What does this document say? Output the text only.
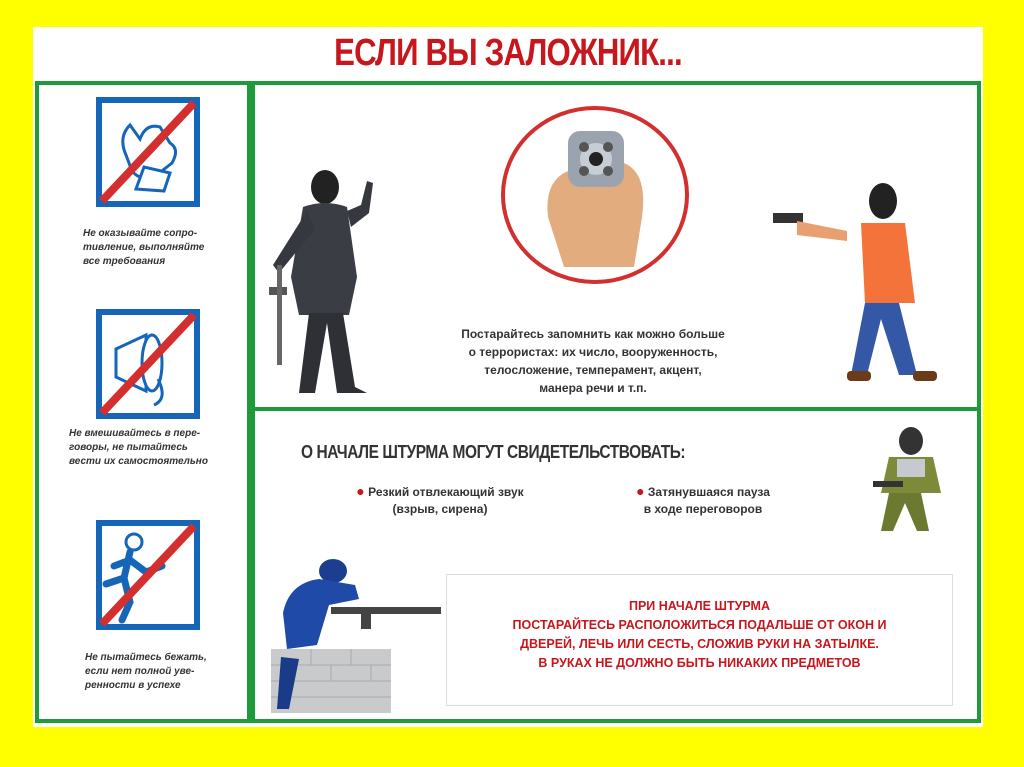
ЕСЛИ ВЫ ЗАЛОЖНИК...
Не оказывайте сопро-
тивление, выполняйте
все требования
Не вмешивайтесь в пере-
говоры, не пытайтесь
вести их самостоятельно
Не пытайтесь бежать,
если нет полной уве-
ренности в успехе
Постарайтесь запомнить как можно больше
о террористах: их число, вооруженность,
телосложение, темперамент, акцент,
манера речи и т.п.
О НАЧАЛЕ ШТУРМА МОГУТ СВИДЕТЕЛЬСТВОВАТЬ:
● Резкий отвлекающий звук
(взрыв, сирена)
● Затянувшаяся пауза
в ходе переговоров
ПРИ НАЧАЛЕ ШТУРМА
ПОСТАРАЙТЕСЬ РАСПОЛОЖИТЬСЯ ПОДАЛЬШЕ ОТ ОКОН И
ДВЕРЕЙ, ЛЕЧЬ ИЛИ СЕСТЬ, СЛОЖИВ РУКИ НА ЗАТЫЛКЕ.
В РУКАХ НЕ ДОЛЖНО БЫТЬ НИКАКИХ ПРЕДМЕТОВ
